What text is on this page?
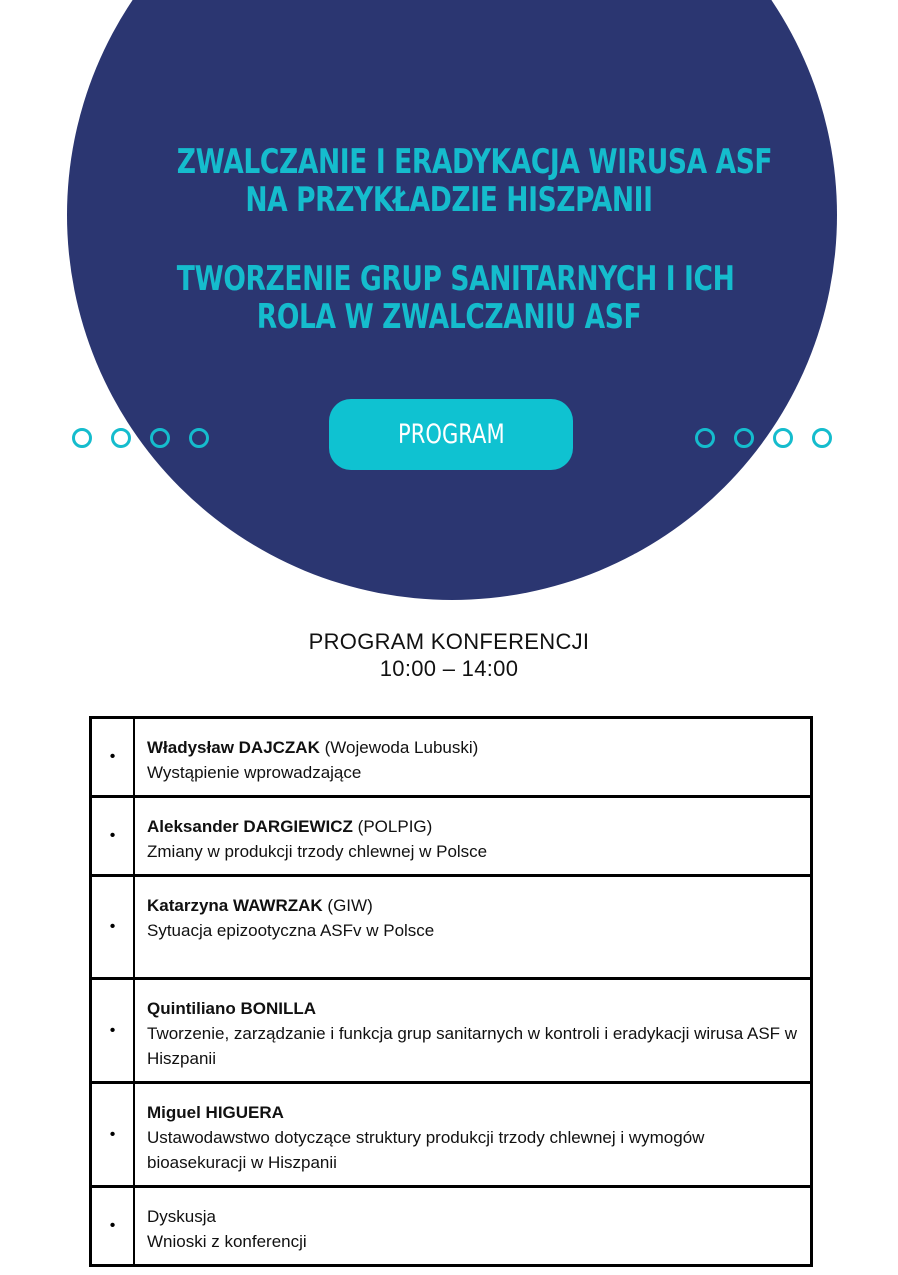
ZWALCZANIE I ERADYKACJA WIRUSA ASF
NA PRZYKŁADZIE HISZPANII
TWORZENIE GRUP SANITARNYCH I ICH
ROLA W ZWALCZANIU ASF
PROGRAM
PROGRAM KONFERENCJI
10:00 – 14:00
•	Władysław DAJCZAK (Wojewoda Lubuski)
Wystąpienie wprowadzające
•	Aleksander DARGIEWICZ (POLPIG)
Zmiany w produkcji trzody chlewnej w Polsce
•	Katarzyna WAWRZAK (GIW)
Sytuacja epizootyczna ASFv w Polsce
•	Quintiliano BONILLA
Tworzenie, zarządzanie i funkcja grup sanitarnych w kontroli i eradykacji wirusa ASF w Hiszpanii
•	Miguel HIGUERA
Ustawodawstwo dotyczące struktury produkcji trzody chlewnej i wymogów bioasekuracji w Hiszpanii
•	Dyskusja
Wnioski z konferencji
